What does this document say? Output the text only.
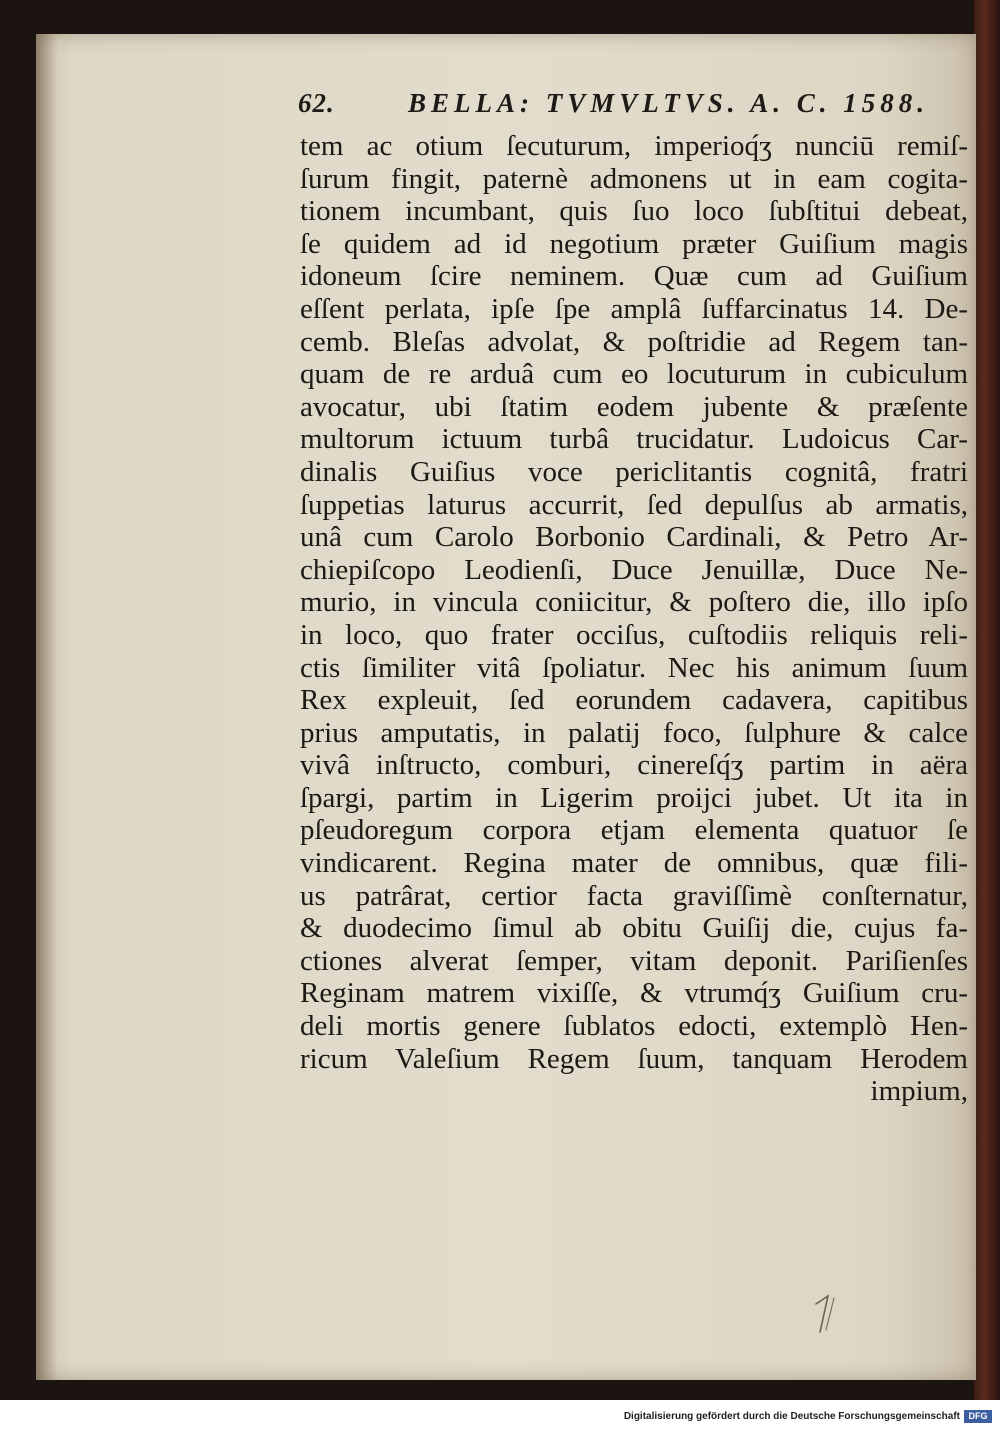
62.	BELLA: TVMVLTVS. A. C. 1588.
tem ac otium ſecuturum, imperioq́ʒ nunciū remiſ-
ſurum fingit, paternè admonens ut in eam cogita-
tionem incumbant, quis ſuo loco ſubſtitui debeat,
ſe quidem ad id negotium præter Guiſium magis
idoneum ſcire neminem. Quæ cum ad Guiſium
eſſent perlata, ipſe ſpe amplâ ſuffarcinatus 14. De-
cemb. Bleſas advolat, & poſtridie ad Regem tan-
quam de re arduâ cum eo locuturum in cubiculum
avocatur, ubi ſtatim eodem jubente & præſente
multorum ictuum turbâ trucidatur. Ludoicus Car-
dinalis Guiſius voce periclitantis cognitâ, fratri
ſuppetias laturus accurrit, ſed depulſus ab armatis,
unâ cum Carolo Borbonio Cardinali, & Petro Ar-
chiepiſcopo Leodienſi, Duce Jenuillæ, Duce Ne-
murio, in vincula coniicitur, & poſtero die, illo ipſo
in loco, quo frater occiſus, cuſtodiis reliquis reli-
ctis ſimiliter vitâ ſpoliatur. Nec his animum ſuum
Rex expleuit, ſed eorundem cadavera, capitibus
prius amputatis, in palatij foco, ſulphure & calce
vivâ inſtructo, comburi, cinereſq́ʒ partim in aëra
ſpargi, partim in Ligerim proijci jubet. Ut ita in
pſeudoregum corpora etjam elementa quatuor ſe
vindicarent. Regina mater de omnibus, quæ fili-
us patrârat, certior facta graviſſimè conſternatur,
& duodecimo ſimul ab obitu Guiſij die, cujus fa-
ctiones alverat ſemper, vitam deponit. Pariſienſes
Reginam matrem vixiſſe, & vtrumq́ʒ Guiſium cru-
deli mortis genere ſublatos edocti, extemplò Hen-
ricum Valeſium Regem ſuum, tanquam Herodem
impium,
Digitalisierung gefördert durch die Deutsche Forschungsgemeinschaft DFG
